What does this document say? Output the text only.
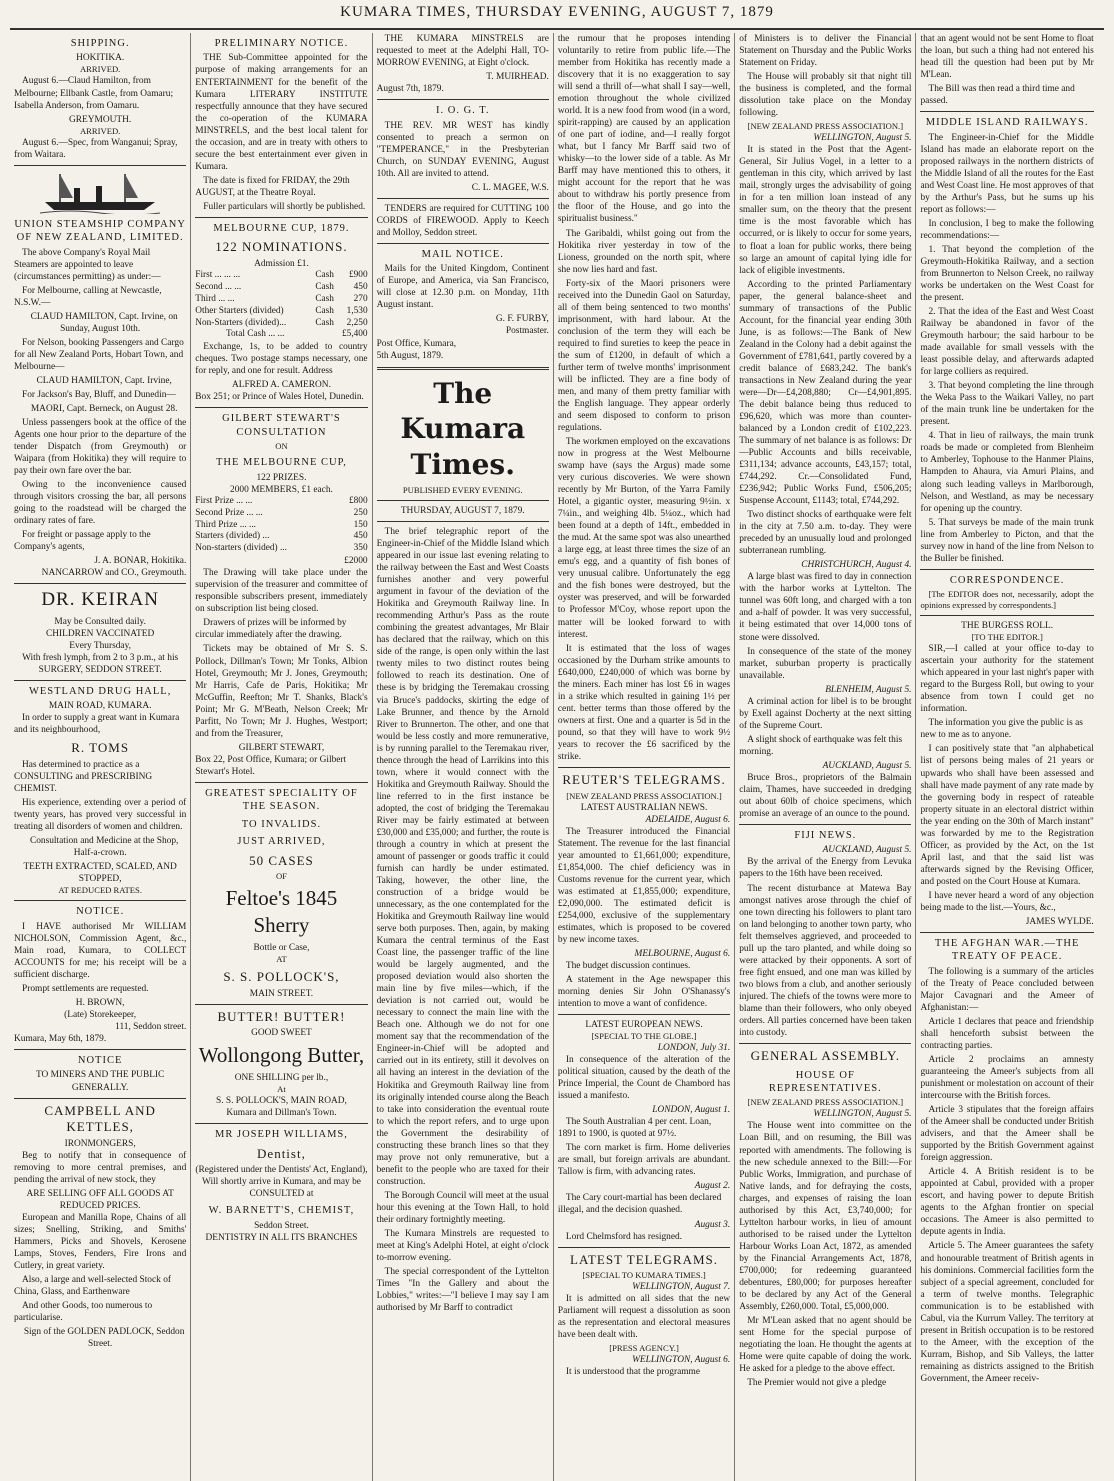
KUMARA TIMES, THURSDAY EVENING, AUGUST 7, 1879
SHIPPING.
HOKITIKA.
ARRIVED.

August 6.—Claud Hamilton, from Melbourne; Ellbank Castle, from Oamaru; Isabella Anderson, from Oamaru.

GREYMOUTH.
ARRIVED.

August 6.—Spec, from Wanganui; Spray, from Waitara.

UNION STEAMSHIP COMPANY OF NEW ZEALAND, LIMITED.

The above Company's Royal Mail Steamers are appointed to leave (circumstances permitting) as under:—

For Melbourne, calling at Newcastle, N.S.W.—

CLAUD HAMILTON, Capt. Irvine, on Sunday, August 10th.

For Nelson, booking Passengers and Cargo for all New Zealand Ports, Hobart Town, and Melbourne—

CLAUD HAMILTON, Capt. Irvine,

For Jackson's Bay, Bluff, and Dunedin—

MAORI, Capt. Berneck, on August 28.

Unless passengers book at the office of the Agents one hour prior to the departure of the tender Dispatch (from Greymouth) or Waipara (from Hokitika) they will require to pay their own fare over the bar.

Owing to the inconvenience caused through visitors crossing the bar, all persons going to the roadstead will be charged the ordinary rates of fare.

For freight or passage apply to the Company's agents,

J. A. BONAR, Hokitika.
NANCARROW and CO., Greymouth.
DR. KEIRAN
May be Consulted daily.
CHILDREN VACCINATED
Every Thursday,
With fresh lymph, from 2 to 3 p.m., at his
SURGERY, SEDDON STREET.
WESTLAND DRUG HALL,
MAIN ROAD, KUMARA.

In order to supply a great want in Kumara and its neighbourhood,

R. TOMS

Has determined to practice as a CONSULTING and PRESCRIBING CHEMIST.

His experience, extending over a period of twenty years, has proved very successful in treating all disorders of women and children.

Consultation and Medicine at the Shop, Half-a-crown.

TEETH EXTRACTED, SCALED, AND STOPPED,
AT REDUCED RATES.
NOTICE.

I HAVE authorised Mr WILLIAM NICHOLSON, Commission Agent, &c., Main road, Kumara, to COLLECT ACCOUNTS for me; his receipt will be a sufficient discharge.

Prompt settlements are requested.

H. BROWN,
(Late) Storekeeper,
111, Seddon street.
Kumara, May 6th, 1879.
NOTICE
TO MINERS AND THE PUBLIC GENERALLY.
CAMPBELL AND KETTLES,
IRONMONGERS,

Beg to notify that in consequence of removing to more central premises, and pending the arrival of new stock, they

ARE SELLING OFF ALL GOODS AT REDUCED PRICES.

European and Manilla Rope, Chains of all sizes; Snelling, Striking, and Smiths' Hammers, Picks and Shovels, Kerosene Lamps, Stoves, Fenders, Fire Irons and Cutlery, in great variety.

Also, a large and well-selected Stock of China, Glass, and Earthenware

And other Goods, too numerous to particularise.

Sign of the GOLDEN PADLOCK, Seddon Street.

PRELIMINARY NOTICE.

THE Sub-Committee appointed for the purpose of making arrangements for an ENTERTAINMENT for the benefit of the Kumara LITERARY INSTITUTE respectfully announce that they have secured the co-operation of the KUMARA MINSTRELS, and the best local talent for the occasion, and are in treaty with others to secure the best entertainment ever given in Kumara.

The date is fixed for FRIDAY, the 29th AUGUST, at the Theatre Royal.

Fuller particulars will shortly be published.

MELBOURNE CUP, 1879.
122 NOMINATIONS.
Admission £1.
First ... ... ...	Cash	£900
Second ... ...	Cash	450
Third ... ...	Cash	270
Other Starters (divided)	Cash	1,530
Non-Starters (divided)...	Cash	2,250
Total Cash ... ...	£5,400

Exchange, 1s, to be added to country cheques. Two postage stamps necessary, one for reply, and one for result. Address

ALFRED A. CAMERON.
Box 251; or Prince of Wales Hotel, Dunedin.
GILBERT STEWART'S CONSULTATION
ON
THE MELBOURNE CUP,
122 PRIZES.
2000 MEMBERS, £1 each.
First Prize ... ...	£800
Second Prize ... ...	250
Third Prize ... ...	150
Starters (divided) ...	450
Non-starters (divided) ...	350
£2000

The Drawing will take place under the supervision of the treasurer and committee of responsible subscribers present, immediately on subscription list being closed.

Drawers of prizes will be informed by circular immediately after the drawing.

Tickets may be obtained of Mr S. S. Pollock, Dillman's Town; Mr Tonks, Albion Hotel, Greymouth; Mr J. Jones, Greymouth; Mr Harris, Cafe de Paris, Hokitika; Mr McGuffin, Reefton; Mr T. Shanks, Black's Point; Mr G. M'Beath, Nelson Creek; Mr Parfitt, No Town; Mr J. Hughes, Westport; and from the Treasurer,

GILBERT STEWART,
Box 22, Post Office, Kumara; or Gilbert Stewart's Hotel.
GREATEST SPECIALITY OF THE SEASON.
TO INVALIDS.
JUST ARRIVED,
50 CASES
OF
Feltoe's 1845 Sherry
Bottle or Case,
AT
S. S. POLLOCK'S,
MAIN STREET.
BUTTER! BUTTER!
GOOD SWEET
Wollongong Butter,
ONE SHILLING per lb.,
At
S. S. POLLOCK'S, MAIN ROAD,
Kumara and Dillman's Town.
MR JOSEPH WILLIAMS,
Dentist,
(Registered under the Dentists' Act, England),
Will shortly arrive in Kumara, and may be CONSULTED at
W. BARNETT'S, CHEMIST,
Seddon Street.
DENTISTRY IN ALL ITS BRANCHES

THE KUMARA MINSTRELS are requested to meet at the Adelphi Hall, TO-MORROW EVENING, at Eight o'clock.

T. MUIRHEAD.
August 7th, 1879.
I. O. G. T.

THE REV. MR WEST has kindly consented to preach a sermon on "TEMPERANCE," in the Presbyterian Church, on SUNDAY EVENING, August 10th. All are invited to attend.

C. L. MAGEE, W.S.

TENDERS are required for CUTTING 100 CORDS of FIREWOOD. Apply to Keech and Molloy, Seddon street.

MAIL NOTICE.

Mails for the United Kingdom, Continent of Europe, and America, via San Francisco, will close at 12.30 p.m. on Monday, 11th August instant.

G. F. FURBY,
Postmaster.
Post Office, Kumara,
5th August, 1879.
The Kumara Times.
PUBLISHED EVERY EVENING.
THURSDAY, AUGUST 7, 1879.

The brief telegraphic report of the Engineer-in-Chief of the Middle Island which appeared in our issue last evening relating to the railway between the East and West Coasts furnishes another and very powerful argument in favour of the deviation of the Hokitika and Greymouth Railway line. In recommending Arthur's Pass as the route combining the greatest advantages, Mr Blair has declared that the railway, which on this side of the range, is open only within the last twenty miles to two distinct routes being followed to reach its destination. One of these is by bridging the Teremakau crossing via Bruce's paddocks, skirting the edge of Lake Brunner, and thence by the Arnold River to Brunnerton. The other, and one that would be less costly and more remunerative, is by running parallel to the Teremakau river, thence through the head of Larrikins into this town, where it would connect with the Hokitika and Greymouth Railway. Should the line referred to in the first instance be adopted, the cost of bridging the Teremakau River may be fairly estimated at between £30,000 and £35,000; and further, the route is through a country in which at present the amount of passenger or goods traffic it could furnish can hardly be under estimated. Taking, however, the other line, the construction of a bridge would be unnecessary, as the one contemplated for the Hokitika and Greymouth Railway line would serve both purposes. Then, again, by making Kumara the central terminus of the East Coast line, the passenger traffic of the line would be largely augmented, and the proposed deviation would also shorten the main line by five miles—which, if the deviation is not carried out, would be necessary to connect the main line with the Beach one. Although we do not for one moment say that the recommendation of the Engineer-in-Chief will be adopted and carried out in its entirety, still it devolves on all having an interest in the deviation of the Hokitika and Greymouth Railway line from its originally intended course along the Beach to take into consideration the eventual route to which the report refers, and to urge upon the Government the desirability of constructing these branch lines so that they may prove not only remunerative, but a benefit to the people who are taxed for their construction.

The Borough Council will meet at the usual hour this evening at the Town Hall, to hold their ordinary fortnightly meeting.

The Kumara Minstrels are requested to meet at King's Adelphi Hotel, at eight o'clock to-morrow evening.

The special correspondent of the Lyttelton Times "In the Gallery and about the Lobbies," writes:—"I believe I may say I am authorised by Mr Barff to contradict

the rumour that he proposes intending voluntarily to retire from public life.—The member from Hokitika has recently made a discovery that it is no exaggeration to say will send a thrill of—what shall I say—well, emotion throughout the whole civilized world. It is a new food from wood (in a word, spirit-rapping) are caused by an application of one part of iodine, and—I really forgot what, but I fancy Mr Barff said two of whisky—to the lower side of a table. As Mr Barff may have mentioned this to others, it might account for the report that he was about to withdraw his portly presence from the floor of the House, and go into the spiritualist business."

The Garibaldi, whilst going out from the Hokitika river yesterday in tow of the Lioness, grounded on the north spit, where she now lies hard and fast.

Forty-six of the Maori prisoners were received into the Dunedin Gaol on Saturday, all of them being sentenced to two months' imprisonment, with hard labour. At the conclusion of the term they will each be required to find sureties to keep the peace in the sum of £1200, in default of which a further term of twelve months' imprisonment will be inflicted. They are a fine body of men, and many of them pretty familiar with the English language. They appear orderly and seem disposed to conform to prison regulations.

The workmen employed on the excavations now in progress at the West Melbourne swamp have (says the Argus) made some very curious discoveries. We were shown recently by Mr Burton, of the Yarra Family Hotel, a gigantic oyster, measuring 9½in. x 7¼in., and weighing 4lb. 5¼oz., which had been found at a depth of 14ft., embedded in the mud. At the same spot was also unearthed a large egg, at least three times the size of an emu's egg, and a quantity of fish bones of very unusual calibre. Unfortunately the egg and the fish bones were destroyed, but the oyster was preserved, and will be forwarded to Professor M'Coy, whose report upon the matter will be looked forward to with interest.

It is estimated that the loss of wages occasioned by the Durham strike amounts to £640,000, £240,000 of which was borne by the miners. Each miner has lost £6 in wages in a strike which resulted in gaining 1½ per cent. better terms than those offered by the owners at first. One and a quarter is 5d in the pound, so that they will have to work 9½ years to recover the £6 sacrificed by the strike.

REUTER'S TELEGRAMS.
[NEW ZEALAND PRESS ASSOCIATION.]
LATEST AUSTRALIAN NEWS.
ADELAIDE, August 6.

The Treasurer introduced the Financial Statement. The revenue for the last financial year amounted to £1,661,000; expenditure, £1,854,000. The chief deficiency was in Customs revenue for the current year, which was estimated at £1,855,000; expenditure, £2,090,000. The estimated deficit is £254,000, exclusive of the supplementary estimates, which is proposed to be covered by new income taxes.

MELBOURNE, August 6.

The budget discussion continues.

A statement in the Age newspaper this morning denies Sir John O'Shanassy's intention to move a want of confidence.

LATEST EUROPEAN NEWS.
[SPECIAL TO THE GLOBE.]
LONDON, July 31.

In consequence of the alteration of the political situation, caused by the death of the Prince Imperial, the Count de Chambord has issued a manifesto.

LONDON, August 1.

The South Australian 4 per cent. Loan, 1891 to 1900, is quoted at 97½.

The corn market is firm. Home deliveries are small, but foreign arrivals are abundant. Tallow is firm, with advancing rates.

August 2.

The Cary court-martial has been declared illegal, and the decision quashed.

August 3.

Lord Chelmsford has resigned.

LATEST TELEGRAMS.
[SPECIAL TO KUMARA TIMES.]
WELLINGTON, August 7.

It is admitted on all sides that the new Parliament will request a dissolution as soon as the representation and electoral measures have been dealt with.

[PRESS AGENCY.]
WELLINGTON, August 6.

It is understood that the programme

of Ministers is to deliver the Financial Statement on Thursday and the Public Works Statement on Friday.

The House will probably sit that night till the business is completed, and the formal dissolution take place on the Monday following.

[NEW ZEALAND PRESS ASSOCIATION.]
WELLINGTON, August 5.

It is stated in the Post that the Agent-General, Sir Julius Vogel, in a letter to a gentleman in this city, which arrived by last mail, strongly urges the advisability of going in for a ten million loan instead of any smaller sum, on the theory that the present time is the most favorable which has occurred, or is likely to occur for some years, to float a loan for public works, there being so large an amount of capital lying idle for lack of eligible investments.

According to the printed Parliamentary paper, the general balance-sheet and summary of transactions of the Public Account, for the financial year ending 30th June, is as follows:—The Bank of New Zealand in the Colony had a debit against the Government of £781,641, partly covered by a credit balance of £683,242. The bank's transactions in New Zealand during the year were—Dr—£4,208,880; Cr—£4,901,895. The debit balance being thus reduced to £96,620, which was more than counter-balanced by a London credit of £102,223. The summary of net balance is as follows: Dr—Public Accounts and bills receivable, £311,134; advance accounts, £43,157; total, £744,292. Cr.—Consolidated Fund, £236,942; Public Works Fund, £506,205; Suspense Account, £1143; total, £744,292.

Two distinct shocks of earthquake were felt in the city at 7.50 a.m. to-day. They were preceded by an unusually loud and prolonged subterranean rumbling.

CHRISTCHURCH, August 4.

A large blast was fired to day in connection with the harbor works at Lyttelton. The tunnel was 60ft long, and charged with a ton and a-half of powder. It was very successful, it being estimated that over 14,000 tons of stone were dissolved.

In consequence of the state of the money market, suburban property is practically unavailable.

BLENHEIM, August 5.

A criminal action for libel is to be brought by Exell against Docherty at the next sitting of the Supreme Court.

A slight shock of earthquake was felt this morning.

AUCKLAND, August 5.

Bruce Bros., proprietors of the Balmain claim, Thames, have succeeded in dredging out about 60lb of choice specimens, which promise an average of an ounce to the pound.

FIJI NEWS.
AUCKLAND, August 5.

By the arrival of the Energy from Levuka papers to the 16th have been received.

The recent disturbance at Matewa Bay amongst natives arose through the chief of one town directing his followers to plant taro on land belonging to another town party, who felt themselves aggrieved, and proceeded to pull up the taro planted, and while doing so were attacked by their opponents. A sort of free fight ensued, and one man was killed by two blows from a club, and another seriously injured. The chiefs of the towns were more to blame than their followers, who only obeyed orders. All parties concerned have been taken into custody.

GENERAL ASSEMBLY.
HOUSE OF REPRESENTATIVES.
[NEW ZEALAND PRESS ASSOCIATION.]
WELLINGTON, August 5.

The House went into committee on the Loan Bill, and on resuming, the Bill was reported with amendments. The following is the new schedule annexed to the Bill:—For Public Works, Immigration, and purchase of Native lands, and for defraying the costs, charges, and expenses of raising the loan authorised by this Act, £3,740,000; for Lyttelton harbour works, in lieu of amount authorised to be raised under the Lyttelton Harbour Works Loan Act, 1872, as amended by the Financial Arrangements Act, 1878, £700,000; for redeeming guaranteed debentures, £80,000; for purposes hereafter to be declared by any Act of the General Assembly, £260,000. Total, £5,000,000.

Mr M'Lean asked that no agent should be sent Home for the special purpose of negotiating the loan. He thought the agents at Home were quite capable of doing the work. He asked for a pledge to the above effect.

The Premier would not give a pledge

that an agent would not be sent Home to float the loan, but such a thing had not entered his head till the question had been put by Mr M'Lean.

The Bill was then read a third time and passed.

MIDDLE ISLAND RAILWAYS.

The Engineer-in-Chief for the Middle Island has made an elaborate report on the proposed railways in the northern districts of the Middle Island of all the routes for the East and West Coast line. He most approves of that by the Arthur's Pass, but he sums up his report as follows:—

In conclusion, I beg to make the following recommendations:—

1. That beyond the completion of the Greymouth-Hokitika Railway, and a section from Brunnerton to Nelson Creek, no railway works be undertaken on the West Coast for the present.

2. That the idea of the East and West Coast Railway be abandoned in favor of the Greymouth harbour; the said harbour to be made available for small vessels with the least possible delay, and afterwards adapted for large colliers as required.

3. That beyond completing the line through the Weka Pass to the Waikari Valley, no part of the main trunk line be undertaken for the present.

4. That in lieu of railways, the main trunk roads be made or completed from Blenheim to Amberley, Tophouse to the Hanmer Plains, Hampden to Ahaura, via Amuri Plains, and along such leading valleys in Marlborough, Nelson, and Westland, as may be necessary for opening up the country.

5. That surveys be made of the main trunk line from Amberley to Picton, and that the survey now in hand of the line from Nelson to the Buller be finished.

CORRESPONDENCE.

[The EDITOR does not, necessarily, adopt the opinions expressed by correspondents.]

THE BURGESS ROLL.
[TO THE EDITOR.]

SIR,—I called at your office to-day to ascertain your authority for the statement which appeared in your last night's paper with regard to the Burgess Roll, but owing to your absence from town I could get no information.

The information you give the public is as new to me as to anyone.

I can positively state that "an alphabetical list of persons being males of 21 years or upwards who shall have been assessed and shall have made payment of any rate made by the governing body in respect of rateable property situate in an electoral district within the year ending on the 30th of March instant" was forwarded by me to the Registration Officer, as provided by the Act, on the 1st April last, and that the said list was afterwards signed by the Revising Officer, and posted on the Court House at Kumara.

I have never heard a word of any objection being made to the list.—Yours, &c.,

JAMES WYLDE.
THE AFGHAN WAR.—THE TREATY OF PEACE.

The following is a summary of the articles of the Treaty of Peace concluded between Major Cavagnari and the Ameer of Afghanistan:—

Article 1 declares that peace and friendship shall henceforth subsist between the contracting parties.

Article 2 proclaims an amnesty guaranteeing the Ameer's subjects from all punishment or molestation on account of their intercourse with the British forces.

Article 3 stipulates that the foreign affairs of the Ameer shall be conducted under British advisers, and that the Ameer shall be supported by the British Government against foreign aggression.

Article 4. A British resident is to be appointed at Cabul, provided with a proper escort, and having power to depute British agents to the Afghan frontier on special occasions. The Ameer is also permitted to depute agents in India.

Article 5. The Ameer guarantees the safety and honourable treatment of British agents in his dominions. Commercial facilities form the subject of a special agreement, concluded for a term of twelve months. Telegraphic communication is to be established with Cabul, via the Kurrum Valley. The territory at present in British occupation is to be restored to the Ameer, with the exception of the Kurram, Bishop, and Sib Valleys, the latter remaining as districts assigned to the British Government, the Ameer receiv-
